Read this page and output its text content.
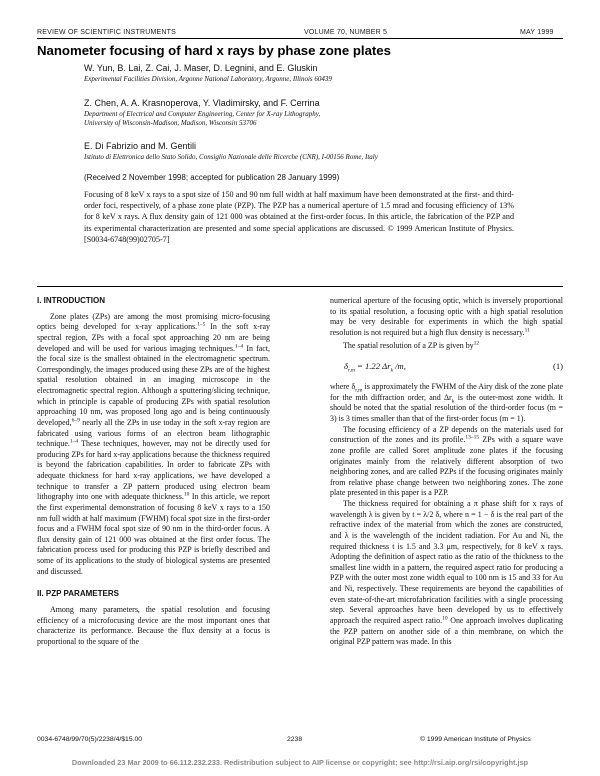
REVIEW OF SCIENTIFIC INSTRUMENTS	VOLUME 70, NUMBER 5	MAY 1999
Nanometer focusing of hard x rays by phase zone plates
W. Yun, B. Lai, Z. Cai, J. Maser, D. Legnini, and E. Gluskin
Experimental Facilities Division, Argonne National Laboratory, Argonne, Illinois 60439
Z. Chen, A. A. Krasnoperova, Y. Vladimirsky, and F. Cerrina
Department of Electrical and Computer Engineering, Center for X-ray Lithography,
University of Wisconsin-Madison, Madison, Wisconsin 53706
E. Di Fabrizio and M. Gentili
Istituto di Elettronica dello Stato Solido, Consiglio Nazionale delle Ricerche (CNR), I-00156 Rome, Italy
(Received 2 November 1998; accepted for publication 28 January 1999)
Focusing of 8 keV x rays to a spot size of 150 and 90 nm full width at half maximum have been demonstrated at the first- and third-order foci, respectively, of a phase zone plate (PZP). The PZP has a numerical aperture of 1.5 mrad and focusing efficiency of 13% for 8 keV x rays. A flux density gain of 121 000 was obtained at the first-order focus. In this article, the fabrication of the PZP and its experimental characterization are presented and some special applications are discussed. © 1999 American Institute of Physics. [S0034-6748(99)02705-7]
I. INTRODUCTION

Zone plates (ZPs) are among the most promising micro-focusing optics being developed for x-ray applications.$^{1-5}$ In the soft x-ray spectral region, ZPs with a focal spot approaching 20 nm are being developed and will be used for various imaging techniques.$^{1-4}$ In fact, the focal size is the smallest obtained in the electromagnetic spectrum. Correspondingly, the images produced using these ZPs are of the highest spatial resolution obtained in an imaging microscope in the electromagnetic spectral region. Although a sputtering/slicing technique, which in principle is capable of producing ZPs with spatial resolution approaching 10 nm, was proposed long ago and is being continuously developed,$^{6-9}$ nearly all the ZPs in use today in the soft x-ray region are fabricated using various forms of an electron beam lithographic technique.$^{1-4}$ These techniques, however, may not be directly used for producing ZPs for hard x-ray applications because the thickness required is beyond the fabrication capabilities. In order to fabricate ZPs with adequate thickness for hard x-ray applications, we have developed a technique to transfer a ZP pattern produced using electron beam lithography into one with adequate thickness.$^{10}$ In this article, we report the first experimental demonstration of focusing 8 keV x rays to a 150 nm full width at half maximum (FWHM) focal spot size in the first-order focus and a FWHM focal spot size of 90 nm in the third-order focus. A flux density gain of 121 000 was obtained at the first order focus. The fabrication process used for producing this PZP is briefly described and some of its applications to the study of biological systems are presented and discussed.

II. PZP PARAMETERS

Among many parameters, the spatial resolution and focusing efficiency of a microfocusing device are the most important ones that characterize its performance. Because the flux density at a focus is proportional to the square of the

numerical aperture of the focusing optic, which is inversely proportional to its spatial resolution, a focusing optic with a high spatial resolution may be very desirable for experiments in which the high spatial resolution is not required but a high flux density is necessary.$^{11}$

The spatial resolution of a ZP is given $by^{12}$

$\delta_{r,m} = 1.22$ $\Delta r_k$ /m,	(1)

where $\delta_{r,m}$ is approximately the FWHM of the Airy disk of the zone plate for the mth diffraction order, and $\Delta r_k$ is the outer-most zone width. It should be noted that the spatial resolution of the third-order focus (m = 3) is 3 times smaller than that of the first-order focus (m = 1).

The focusing efficiency of a ZP depends on the materials used for construction of the zones and its profile.$^{13-15}$ ZPs with a square wave zone profile are called Soret amplitude zone plates if the focusing originates mainly from the relatively different absorption of two neighboring zones, and are called PZPs if the focusing originates mainly from relative phase change between two neighboring zones. The zone plate presented in this paper is a PZP.

The thickness required for obtaining a π phase shift for x rays of wavelength λ is given by t = λ/2 δ, where n = 1 − δ is the real part of the refractive index of the material from which the zones are constructed, and λ is the wavelength of the incident radiation. For Au and Ni, the required thickness t is 1.5 and 3.3 μm, respectively, for 8 keV x rays. Adopting the definition of aspect ratio as the ratio of the thickness to the smallest line width in a pattern, the required aspect ratio for producing a PZP with the outer most zone width equal to 100 nm is 15 and 33 for Au and Ni, respectively. These requirements are beyond the capabilities of even state-of-the-art microfabrication facilities with a single processing step. Several approaches have been developed by us to effectively approach the required aspect ratio.$^{10}$ One approach involves duplicating the PZP pattern on another side of a thin membrane, on which the original PZP pattern was made. In this

0034-6748/99/70(5)/2238/4/$15.00	2238	© 1999 American Institute of Physics
Downloaded 23 Mar 2009 to 66.112.232.233. Redistribution subject to AIP license or copyright; see http://rsi.aip.org/rsi/copyright.jsp
